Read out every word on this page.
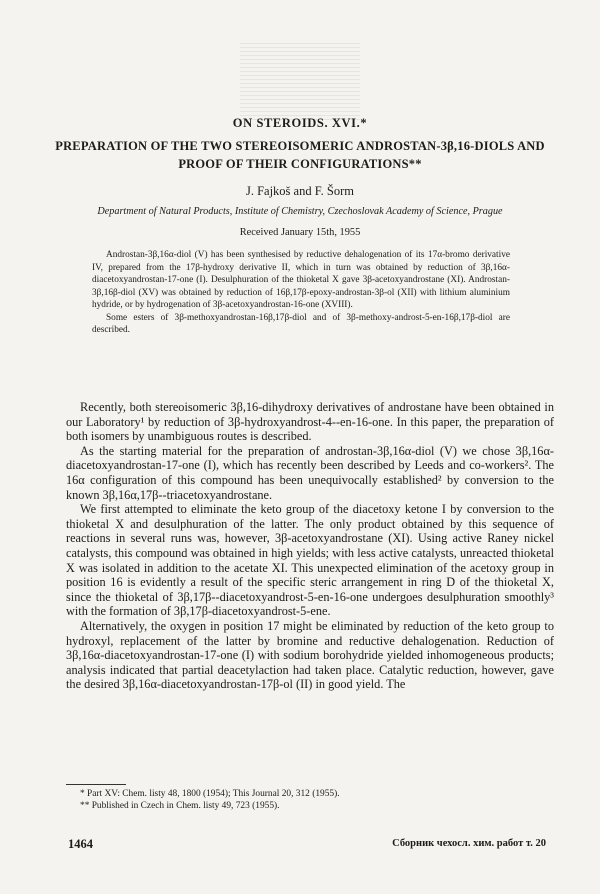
ON STEROIDS. XVI.*
PREPARATION OF THE TWO STEREOISOMERIC ANDROSTAN-3β,16-DIOLS AND PROOF OF THEIR CONFIGURATIONS**
J. Fajkoš and F. Šorm
Department of Natural Products, Institute of Chemistry, Czechoslovak Academy of Science, Prague
Received January 15th, 1955

Androstan-3β,16α-diol (V) has been synthesised by reductive dehalogenation of its 17α-bromo derivative IV, prepared from the 17β-hydroxy derivative II, which in turn was obtained by reduction of 3β,16α-diacetoxyandrostan-17-one (I). Desulphuration of the thioketal X gave 3β-acetoxyandrostane (XI). Androstan-3β,16β-diol (XV) was obtained by reduction of 16β,17β-epoxy-androstan-3β-ol (XII) with lithium aluminium hydride, or by hydrogenation of 3β-acetoxyandrostan-16-one (XVIII).

Some esters of 3β-methoxyandrostan-16β,17β-diol and of 3β-methoxy-androst-5-en-16β,17β-diol are described.

Recently, both stereoisomeric 3β,16-dihydroxy derivatives of androstane have been obtained in our Laboratory¹ by reduction of 3β-hydroxyandrost-4--en-16-one. In this paper, the preparation of both isomers by unambiguous routes is described.

As the starting material for the preparation of androstan-3β,16α-diol (V) we chose 3β,16α-diacetoxyandrostan-17-one (I), which has recently been described by Leeds and co-workers². The 16α configuration of this compound has been unequivocally established² by conversion to the known 3β,16α,17β--triacetoxyandrostane.

We first attempted to eliminate the keto group of the diacetoxy ketone I by conversion to the thioketal X and desulphuration of the latter. The only product obtained by this sequence of reactions in several runs was, however, 3β-acetoxyandrostane (XI). Using active Raney nickel catalysts, this compound was obtained in high yields; with less active catalysts, unreacted thioketal X was isolated in addition to the acetate XI. This unexpected elimination of the acetoxy group in position 16 is evidently a result of the specific steric arrangement in ring D of the thioketal X, since the thioketal of 3β,17β--diacetoxyandrost-5-en-16-one undergoes desulphuration smoothly³ with the formation of 3β,17β-diacetoxyandrost-5-ene.

Alternatively, the oxygen in position 17 might be eliminated by reduction of the keto group to hydroxyl, replacement of the latter by bromine and reductive dehalogenation. Reduction of 3β,16α-diacetoxyandrostan-17-one (I) with sodium borohydride yielded inhomogeneous products; analysis indicated that partial deacetylaction had taken place. Catalytic reduction, however, gave the desired 3β,16α-diacetoxyandrostan-17β-ol (II) in good yield. The

* Part XV: Chem. listy 48, 1800 (1954); This Journal 20, 312 (1955).
** Published in Czech in Chem. listy 49, 723 (1955).
1464	Сборник чехосл. хим. работ т. 20
